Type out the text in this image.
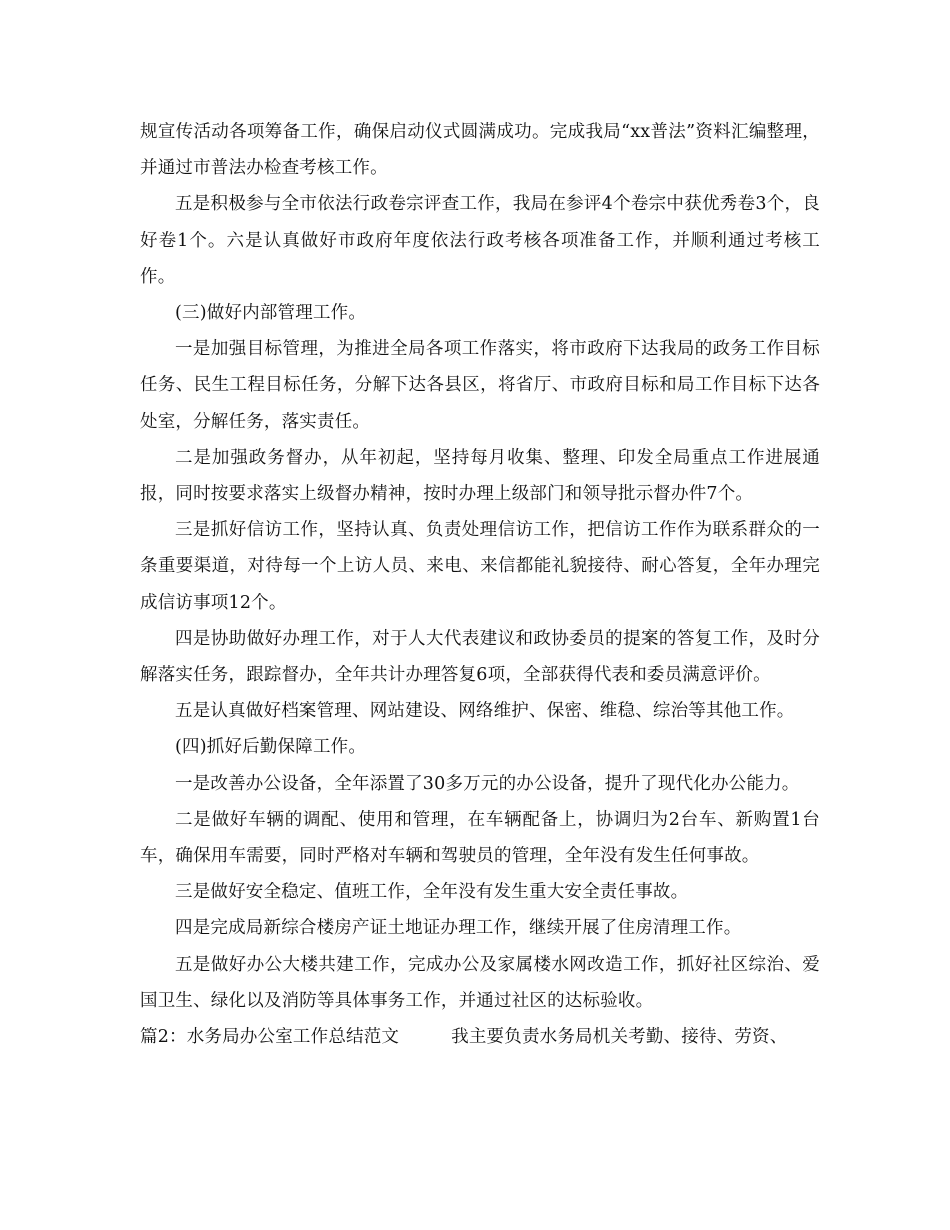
规宣传活动各项筹备工作，确保启动仪式圆满成功。完成我局“xx普法”资料汇编整理，并通过市普法办检查考核工作。

五是积极参与全市依法行政卷宗评查工作，我局在参评4个卷宗中获优秀卷3个，良好卷1个。六是认真做好市政府年度依法行政考核各项准备工作，并顺利通过考核工作。

(三)做好内部管理工作。

一是加强目标管理，为推进全局各项工作落实，将市政府下达我局的政务工作目标任务、民生工程目标任务，分解下达各县区，将省厅、市政府目标和局工作目标下达各处室，分解任务，落实责任。

二是加强政务督办，从年初起，坚持每月收集、整理、印发全局重点工作进展通报，同时按要求落实上级督办精神，按时办理上级部门和领导批示督办件7个。

三是抓好信访工作，坚持认真、负责处理信访工作，把信访工作作为联系群众的一条重要渠道，对待每一个上访人员、来电、来信都能礼貌接待、耐心答复，全年办理完成信访事项12个。

四是协助做好办理工作，对于人大代表建议和政协委员的提案的答复工作，及时分解落实任务，跟踪督办，全年共计办理答复6项，全部获得代表和委员满意评价。

五是认真做好档案管理、网站建设、网络维护、保密、维稳、综治等其他工作。

(四)抓好后勤保障工作。

一是改善办公设备，全年添置了30多万元的办公设备，提升了现代化办公能力。

二是做好车辆的调配、使用和管理，在车辆配备上，协调归为2台车、新购置1台车，确保用车需要，同时严格对车辆和驾驶员的管理，全年没有发生任何事故。

三是做好安全稳定、值班工作，全年没有发生重大安全责任事故。

四是完成局新综合楼房产证土地证办理工作，继续开展了住房清理工作。

五是做好办公大楼共建工作，完成办公及家属楼水网改造工作，抓好社区综治、爱国卫生、绿化以及消防等具体事务工作，并通过社区的达标验收。

篇2：水务局办公室工作总结范文	我主要负责水务局机关考勤、接待、劳资、
